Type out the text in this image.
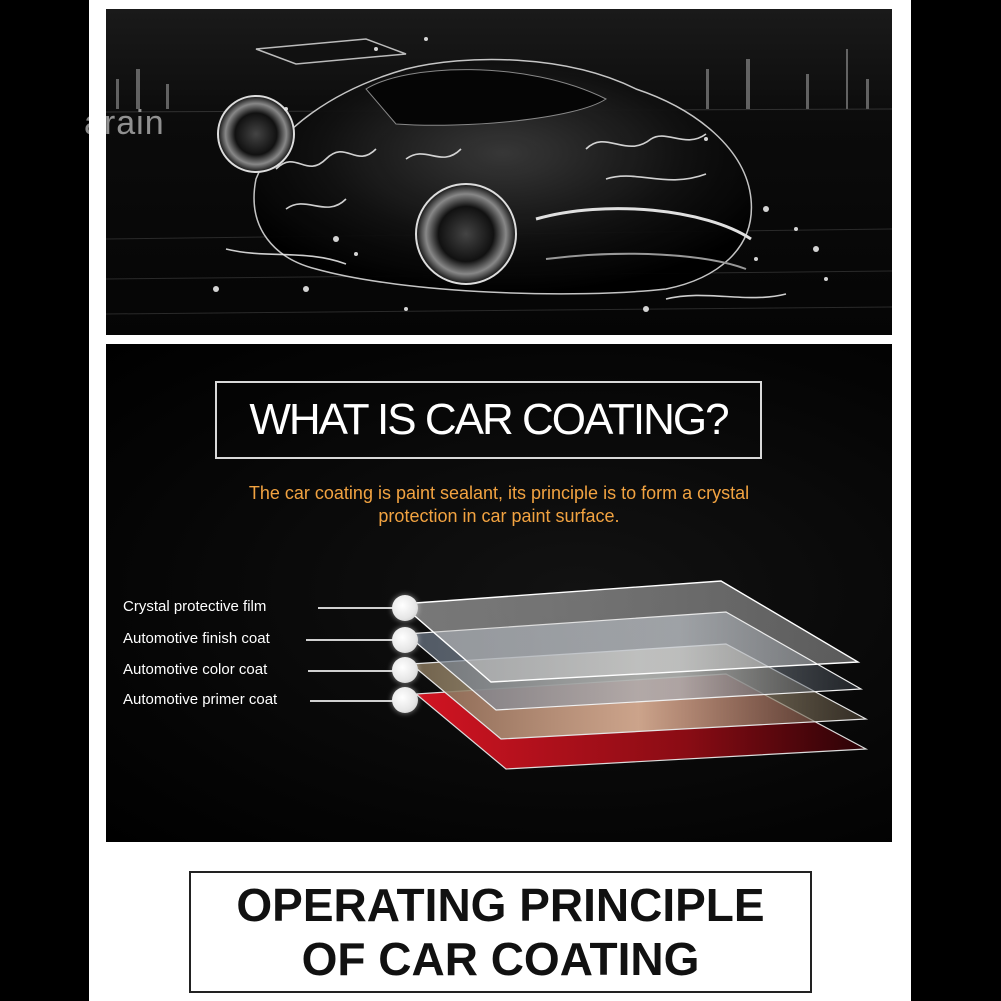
arain
WHAT IS CAR COATING?
The car coating is paint sealant, its principle is to form a crystal
protection in car paint surface.
Crystal protective film
Automotive finish coat
Automotive color coat
Automotive primer coat
OPERATING PRINCIPLE
OF CAR COATING
